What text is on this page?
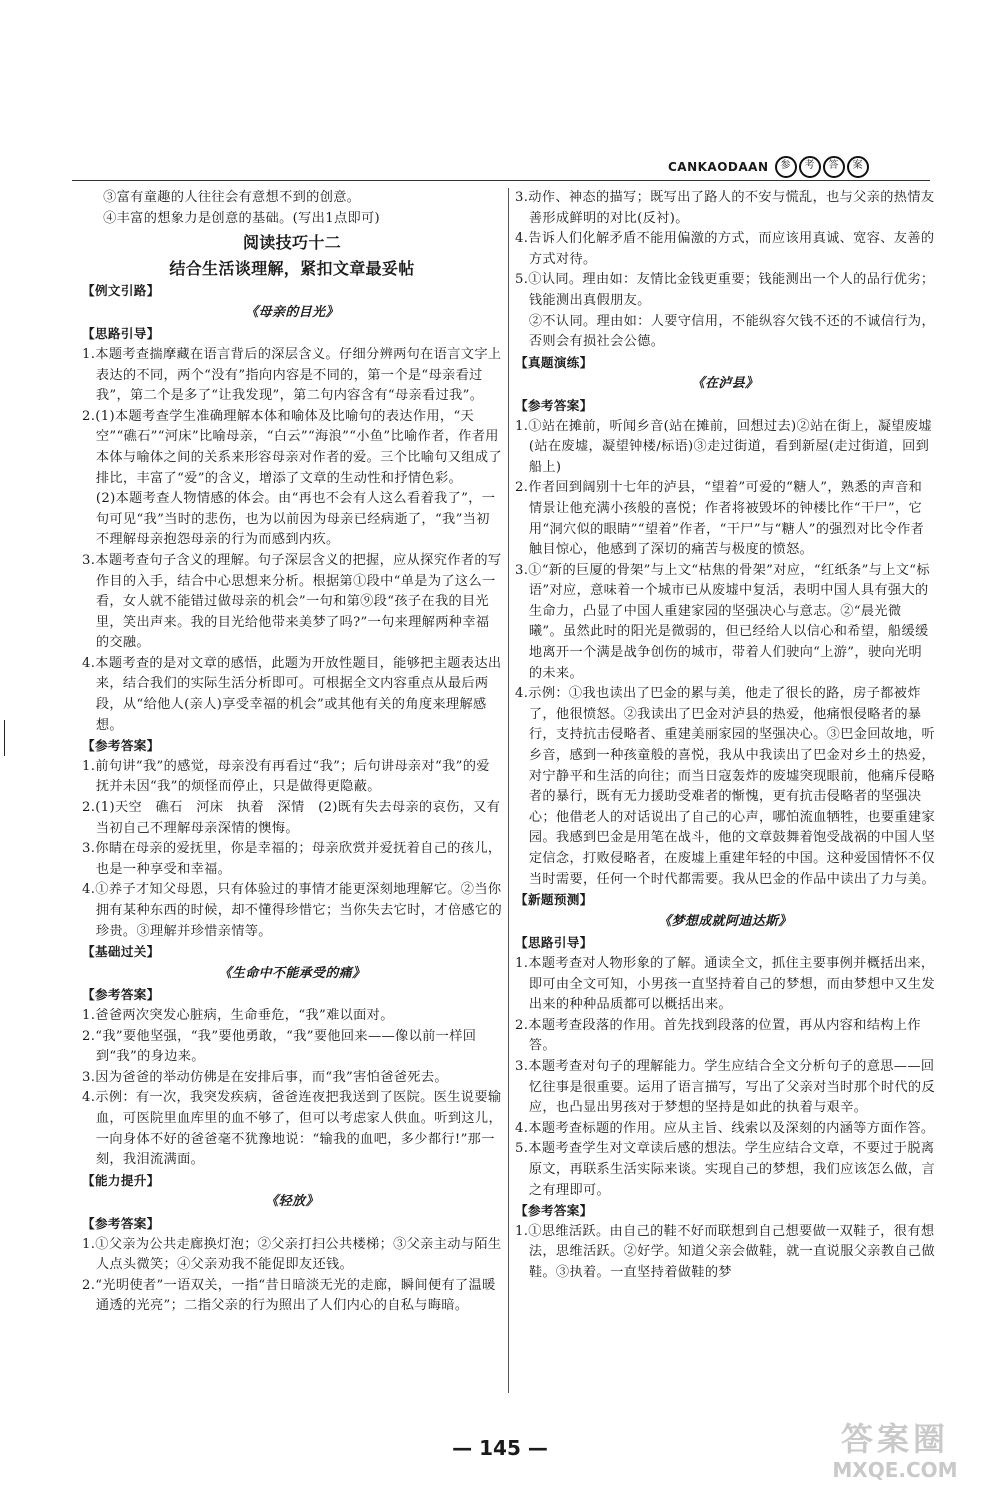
CANKAODAAN	参	考	答	案

③富有童趣的人往往会有意想不到的创意。

④丰富的想象力是创意的基础。(写出1点即可)

阅读技巧十二

结合生活谈理解，紧扣文章最妥帖

【例文引路】

《母亲的目光》

【思路引导】

1.本题考查揣摩藏在语言背后的深层含义。仔细分辨两句在语言文字上表达的不同，两个“没有”指向内容是不同的，第一个是“母亲看过我”，第二个是多了“让我发现”，第二句内容含有“母亲看过我”。

2.(1)本题考查学生准确理解本体和喻体及比喻句的表达作用，“天空”“礁石”“河床”比喻母亲，“白云”“海浪”“小鱼”比喻作者，作者用本体与喻体之间的关系来形容母亲对作者的爱。三个比喻句又组成了排比，丰富了“爱”的含义，增添了文章的生动性和抒情色彩。

(2)本题考查人物情感的体会。由“再也不会有人这么看着我了”，一句可见“我”当时的悲伤，也为以前因为母亲已经病逝了，“我”当初不理解母亲抱怨母亲的行为而感到内疚。

3.本题考查句子含义的理解。句子深层含义的把握，应从探究作者的写作目的入手，结合中心思想来分析。根据第①段中“单是为了这么一看，女人就不能错过做母亲的机会”一句和第⑨段“孩子在我的目光里，笑出声来。我的目光给他带来美梦了吗?”一句来理解两种幸福的交融。

4.本题考查的是对文章的感悟，此题为开放性题目，能够把主题表达出来，结合我们的实际生活分析即可。可根据全文内容重点从最后两段，从“给他人(亲人)享受幸福的机会”或其他有关的角度来理解感想。

【参考答案】

1.前句讲“我”的感觉，母亲没有再看过“我”；后句讲母亲对“我”的爱抚并未因“我”的烦怪而停止，只是做得更隐蔽。

2.(1)天空　礁石　河床　执着　深情　(2)既有失去母亲的哀伤，又有当初自己不理解母亲深情的懊悔。

3.你睛在母亲的爱抚里，你是幸福的；母亲欣赏并爱抚着自己的孩儿，也是一种享受和幸福。

4.①养子才知父母恩，只有体验过的事情才能更深刻地理解它。②当你拥有某种东西的时候，却不懂得珍惜它；当你失去它时，才倍感它的珍贵。③理解并珍惜亲情等。

【基础过关】

《生命中不能承受的痛》

【参考答案】

1.爸爸两次突发心脏病，生命垂危，“我”难以面对。

2.“我”要他坚强，“我”要他勇敢，“我”要他回来——像以前一样回到“我”的身边来。

3.因为爸爸的举动仿佛是在安排后事，而“我”害怕爸爸死去。

4.示例：有一次，我突发疾病，爸爸连夜把我送到了医院。医生说要输血，可医院里血库里的血不够了，但可以考虑家人供血。听到这儿，一向身体不好的爸爸毫不犹豫地说：“输我的血吧，多少都行!”那一刻，我泪流满面。

【能力提升】

《轻放》

【参考答案】

1.①父亲为公共走廊换灯泡；②父亲打扫公共楼梯；③父亲主动与陌生人点头微笑；④父亲劝我不能促即友还钱。

2.“光明使者”一语双关，一指“昔日暗淡无光的走廊，瞬间便有了温暖通透的光亮”；二指父亲的行为照出了人们内心的自私与晦暗。

3.动作、神态的描写；既写出了路人的不安与慌乱，也与父亲的热情友善形成鲜明的对比(反衬)。

4.告诉人们化解矛盾不能用偏激的方式，而应该用真诚、宽容、友善的方式对待。

5.①认同。理由如：友情比金钱更重要；钱能测出一个人的品行优劣；钱能测出真假朋友。

②不认同。理由如：人要守信用，不能纵容欠钱不还的不诚信行为，否则会有损社会公德。

【真题演练】

《在泸县》

【参考答案】

1.①站在摊前，听闻乡音(站在摊前，回想过去)②站在街上，凝望废墟(站在废墟，凝望钟楼/标语)③走过街道，看到新屋(走过街道，回到船上)

2.作者回到阔别十七年的泸县，“望着”可爱的“糖人”，熟悉的声音和情景让他充满小孩般的喜悦；作者将被毁坏的钟楼比作“干尸”，它用“洞穴似的眼睛”“望着”作者，“干尸”与“糖人”的强烈对比令作者触目惊心，他感到了深切的痛苦与极度的愤怒。

3.①“新的巨厦的骨架”与上文“枯焦的骨架”对应，“红纸条”与上文“标语”对应，意味着一个城市已从废墟中复活，表明中国人具有强大的生命力，凸显了中国人重建家园的坚强决心与意志。②“晨光微曦”。虽然此时的阳光是微弱的，但已经给人以信心和希望，船缓缓地离开一个满是战争创伤的城市，带着人们驶向“上游”，驶向光明的未来。

4.示例：①我也读出了巴金的累与美，他走了很长的路，房子都被炸了，他很愤怒。②我读出了巴金对泸县的热爱，他痛恨侵略者的暴行，支持抗击侵略者、重建美丽家园的坚强决心。③巴金回故地，听乡音，感到一种孩童般的喜悦，我从中我读出了巴金对乡土的热爱，对宁静平和生活的向往；而当日寇轰炸的废墟突现眼前，他痛斥侵略者的暴行，既有无力援助受难者的惭愧，更有抗击侵略者的坚强决心；他借老人的对话说出了自己的心声，哪怕流血牺牲，也要重建家园。我感到巴金是用笔在战斗，他的文章鼓舞着饱受战祸的中国人坚定信念，打败侵略者，在废墟上重建年轻的中国。这种爱国情怀不仅当时需要，任何一个时代都需要。我从巴金的作品中读出了力与美。

【新题预测】

《梦想成就阿迪达斯》

【思路引导】

1.本题考查对人物形象的了解。通读全文，抓住主要事例并概括出来，即可由全文可知，小男孩一直坚持着自己的梦想，而由梦想中又生发出来的种种品质都可以概括出来。

2.本题考查段落的作用。首先找到段落的位置，再从内容和结构上作答。

3.本题考查对句子的理解能力。学生应结合全文分析句子的意思——回忆往事是很重要。运用了语言描写，写出了父亲对当时那个时代的反应，也凸显出男孩对于梦想的坚持是如此的执着与艰辛。

4.本题考查标题的作用。应从主旨、线索以及深刻的内涵等方面作答。

5.本题考查学生对文章读后感的想法。学生应结合文章，不要过于脱离原文，再联系生活实际来谈。实现自己的梦想，我们应该怎么做，言之有理即可。

【参考答案】

1.①思维活跃。由自己的鞋不好而联想到自己想要做一双鞋子，很有想法，思维活跃。②好学。知道父亲会做鞋，就一直说服父亲教自己做鞋。③执着。一直坚持着做鞋的梦

— 145 —	答案圈
MXQE.COM
